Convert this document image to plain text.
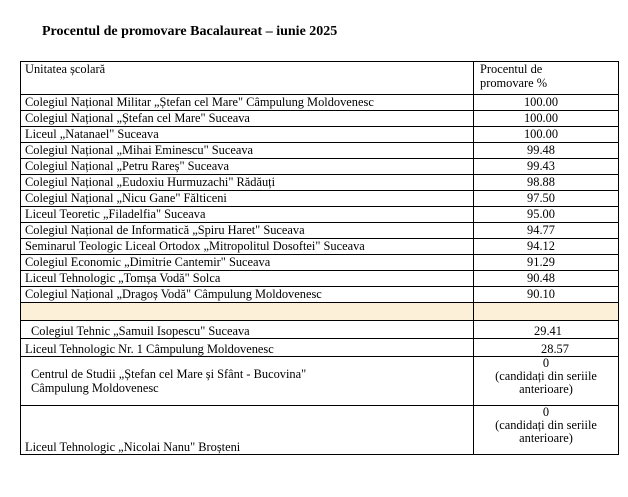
Procentul de promovare Bacalaureat – iunie 2025
Unitatea școlară	Procentul de
promovare %

Colegiul Național Militar „Ștefan cel Mare" Câmpulung Moldovenesc	100.00
Colegiul Național „Ștefan cel Mare" Suceava	100.00
Liceul „Natanael" Suceava	100.00
Colegiul Național „Mihai Eminescu" Suceava	99.48
Colegiul Național „Petru Rareș" Suceava	99.43
Colegiul Național „Eudoxiu Hurmuzachi" Rădăuți	98.88
Colegiul Național „Nicu Gane" Fălticeni	97.50
Liceul Teoretic „Filadelfia" Suceava	95.00
Colegiul Național de Informatică „Spiru Haret" Suceava	94.77
Seminarul Teologic Liceal Ortodox „Mitropolitul Dosoftei" Suceava	94.12
Colegiul Economic „Dimitrie Cantemir" Suceava	91.29
Liceul Tehnologic „Tomșa Vodă" Solca	90.48
Colegiul Național „Dragoș Vodă" Câmpulung Moldovenesc	90.10

Colegiul Tehnic „Samuil Isopescu" Suceava	29.41
Liceul Tehnologic Nr. 1 Câmpulung Moldovenesc	28.57

Centrul de Studii „Ștefan cel Mare și Sfânt - Bucovina"
Câmpulung Moldovenesc	0
(candidați din seriile
anterioare)

Liceul Tehnologic „Nicolai Nanu" Broșteni	0
(candidați din seriile
anterioare)
